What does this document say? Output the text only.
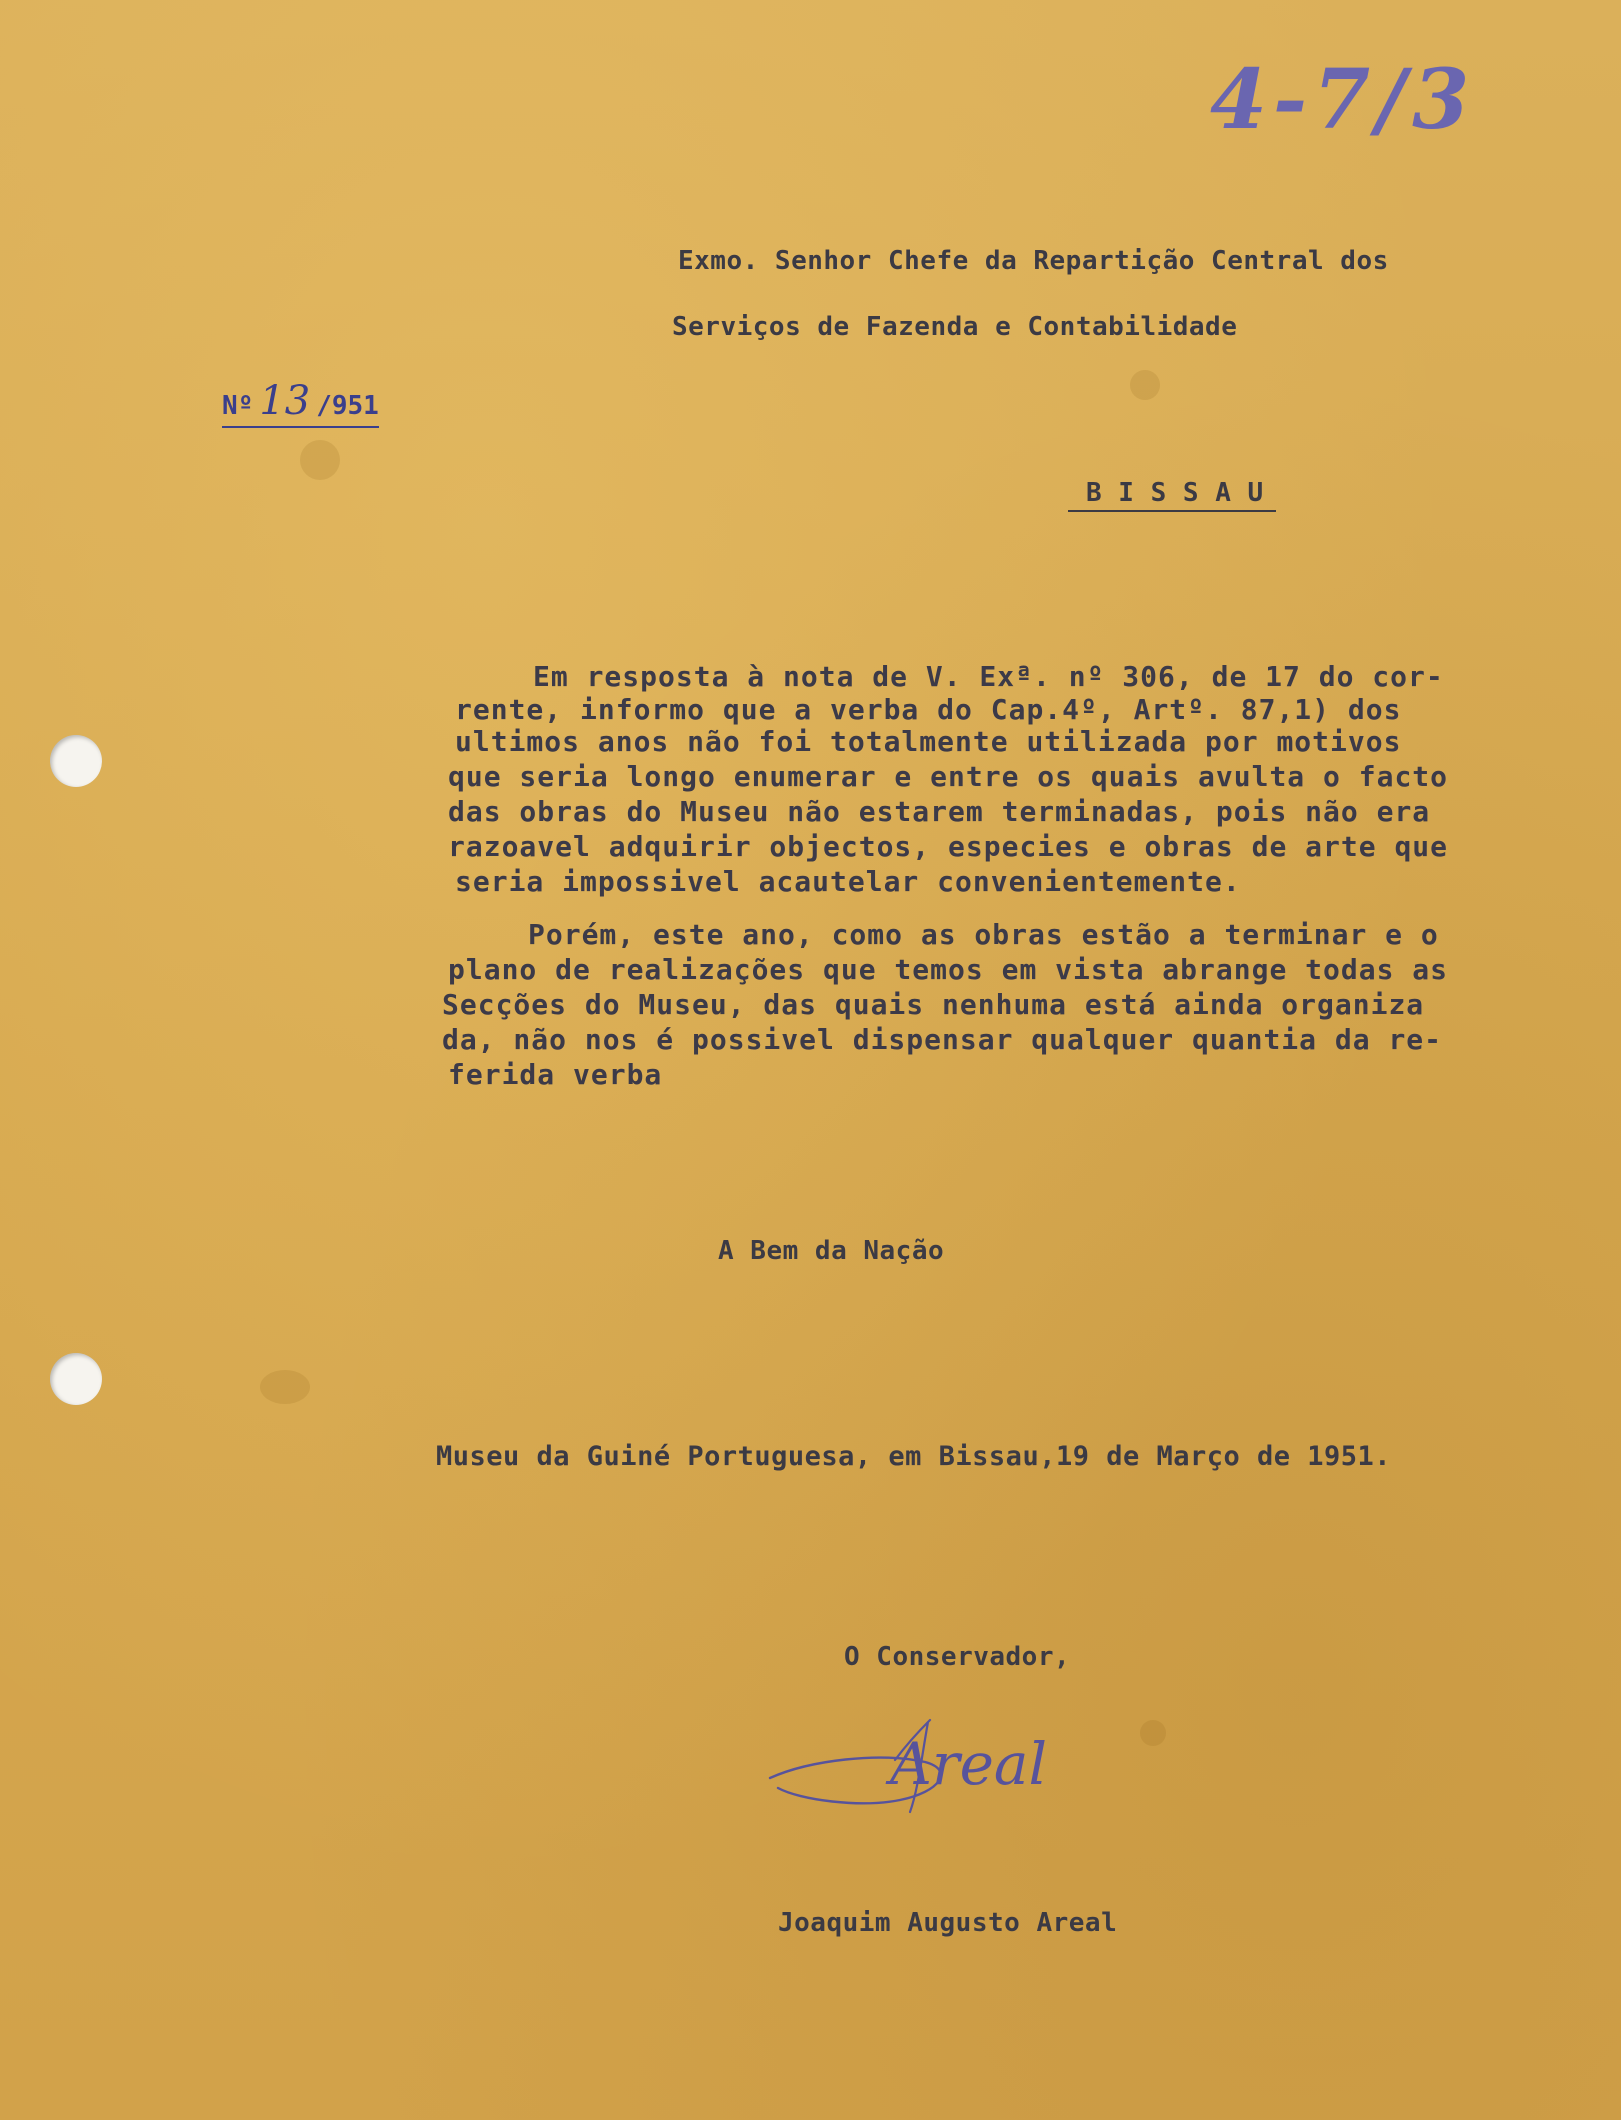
4-7/3

Exmo. Senhor Chefe da Repartição Central dos

Serviços de Fazenda e Contabilidade

Nº 13 /951

B I S S A U

Em resposta à nota de V. Exª. nº 306, de 17 do cor-

rente, informo que a verba do Cap.4º, Artº. 87,1) dos

ultimos anos não foi totalmente utilizada por motivos

que seria longo enumerar e entre os quais avulta o facto

das obras do Museu não estarem terminadas, pois não era

razoavel adquirir objectos, especies e obras de arte que

seria impossivel acautelar convenientemente.

Porém, este ano, como as obras estão a terminar e o

plano de realizações que temos em vista abrange todas as

Secções do Museu, das quais nenhuma está ainda organiza

da, não nos é possivel dispensar qualquer quantia da re-

ferida verba

A Bem da Nação

Museu da Guiné Portuguesa, em Bissau,19 de Março de 1951.

O Conservador,

Areal

Joaquim Augusto Areal
